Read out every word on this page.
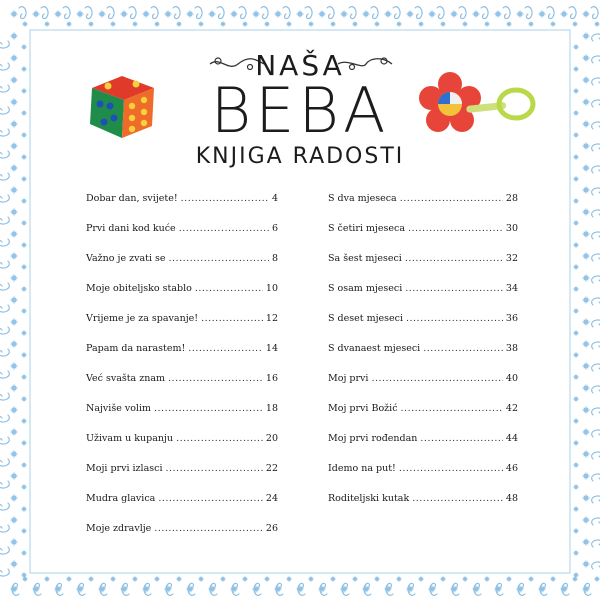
NAŠA
BEBA
KNJIGA RADOSTI
Dobar dan, svijete! .....	4
Prvi dani kod kuće .....	6
Važno je zvati se .....	8
Moje obiteljsko stablo .....	10
Vrijeme je za spavanje! .....	12
Papam da narastem! .....	14
Već svašta znam .....	16
Najviše volim .....	18
Uživam u kupanju .....	20
Moji prvi izlasci .....	22
Mudra glavica .....	24
Moje zdravlje .....	26
S dva mjeseca .....	28
S četiri mjeseca .....	30
Sa šest mjeseci .....	32
S osam mjeseci .....	34
S deset mjeseci .....	36
S dvanaest mjeseci .....	38
Moj prvi .....	40
Moj prvi Božić .....	42
Moj prvi rođendan .....	44
Idemo na put! .....	46
Roditeljski kutak .....	48
